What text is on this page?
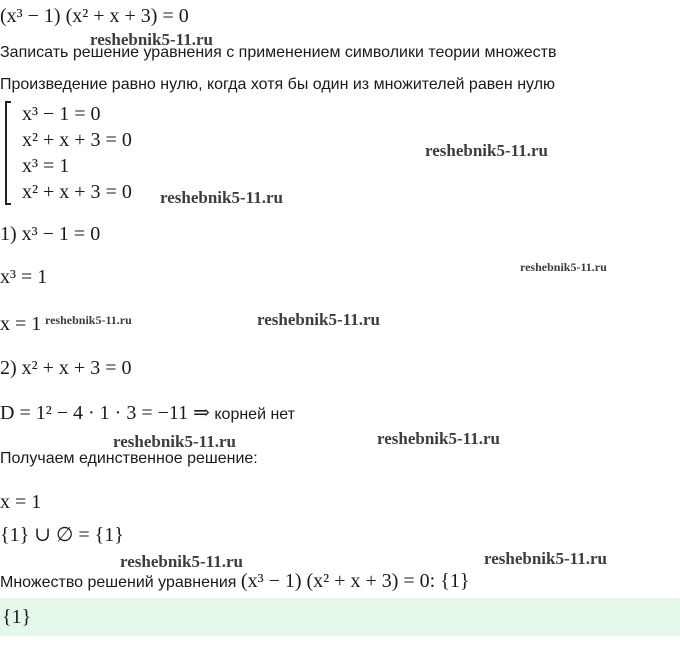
(x³ − 1) (x² + x + 3) = 0
Записать решение уравнения с применением символики теории множеств
Произведение равно нулю, когда хотя бы один из множителей равен нулю
x³ − 1 = 0
x² + x + 3 = 0
x³ = 1
x² + x + 3 = 0
1) x³ − 1 = 0
x³ = 1
x = 1
2) x² + x + 3 = 0
D = 1² − 4 · 1 · 3 = −11 ⇒ корней нет
Получаем единственное решение:
x = 1
{1} ∪ ∅ = {1}
Множество решений уравнения (x³ − 1) (x² + x + 3) = 0: {1}
{1}
reshebnik5-11.ru
reshebnik5-11.ru
reshebnik5-11.ru
reshebnik5-11.ru
reshebnik5-11.ru	reshebnik5-11.ru
reshebnik5-11.ru	reshebnik5-11.ru
reshebnik5-11.ru	reshebnik5-11.ru
